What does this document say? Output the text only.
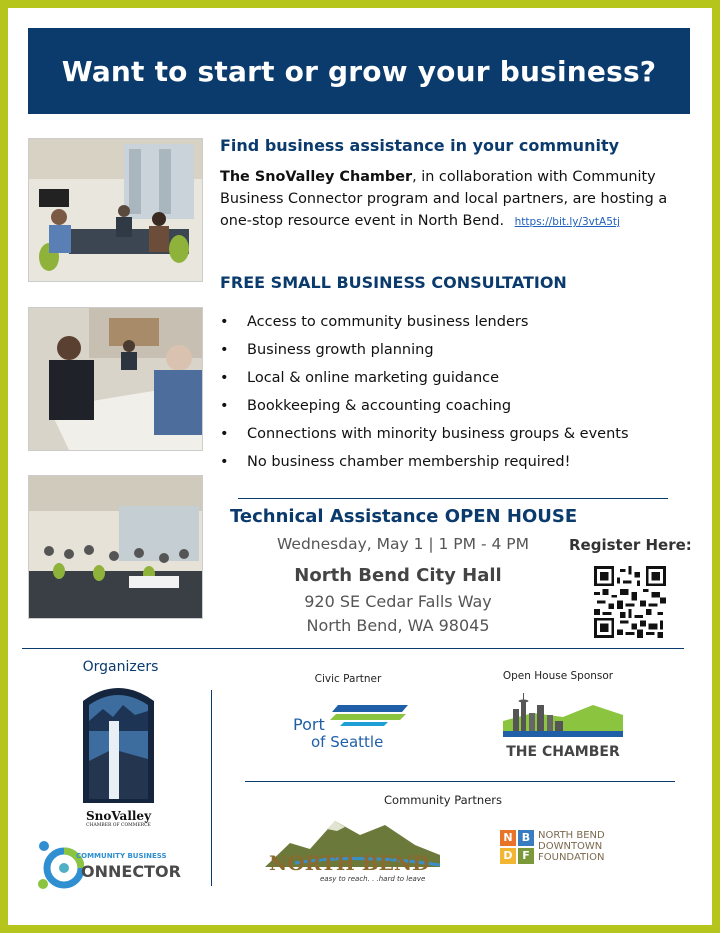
Want to start or grow your business?
Find business assistance in your community
The SnoValley Chamber, in collaboration with Community Business Connector program and local partners, are hosting a one-stop resource event in North Bend. https://bit.ly/3vtA5tj
FREE SMALL BUSINESS CONSULTATION
• Access to community business lenders
• Business growth planning
• Local & online marketing guidance
• Bookkeeping & accounting coaching
• Connections with minority business groups & events
• No business chamber membership required!
Technical Assistance OPEN HOUSE
Wednesday, May 1 | 1 PM - 4 PM
North Bend City Hall
920 SE Cedar Falls Way
North Bend, WA 98045
Register Here:
Organizers
SnoValley
CHAMBER OF COMMERCE
COMMUNITY BUSINESS
ONNECTOR
Civic Partner
Port
of Seattle
Open House Sponsor
THE CHAMBER
Community Partners
NORTH BEND
easy to reach. . .hard to leave
N B
D F
NORTH BEND
DOWNTOWN
FOUNDATION
